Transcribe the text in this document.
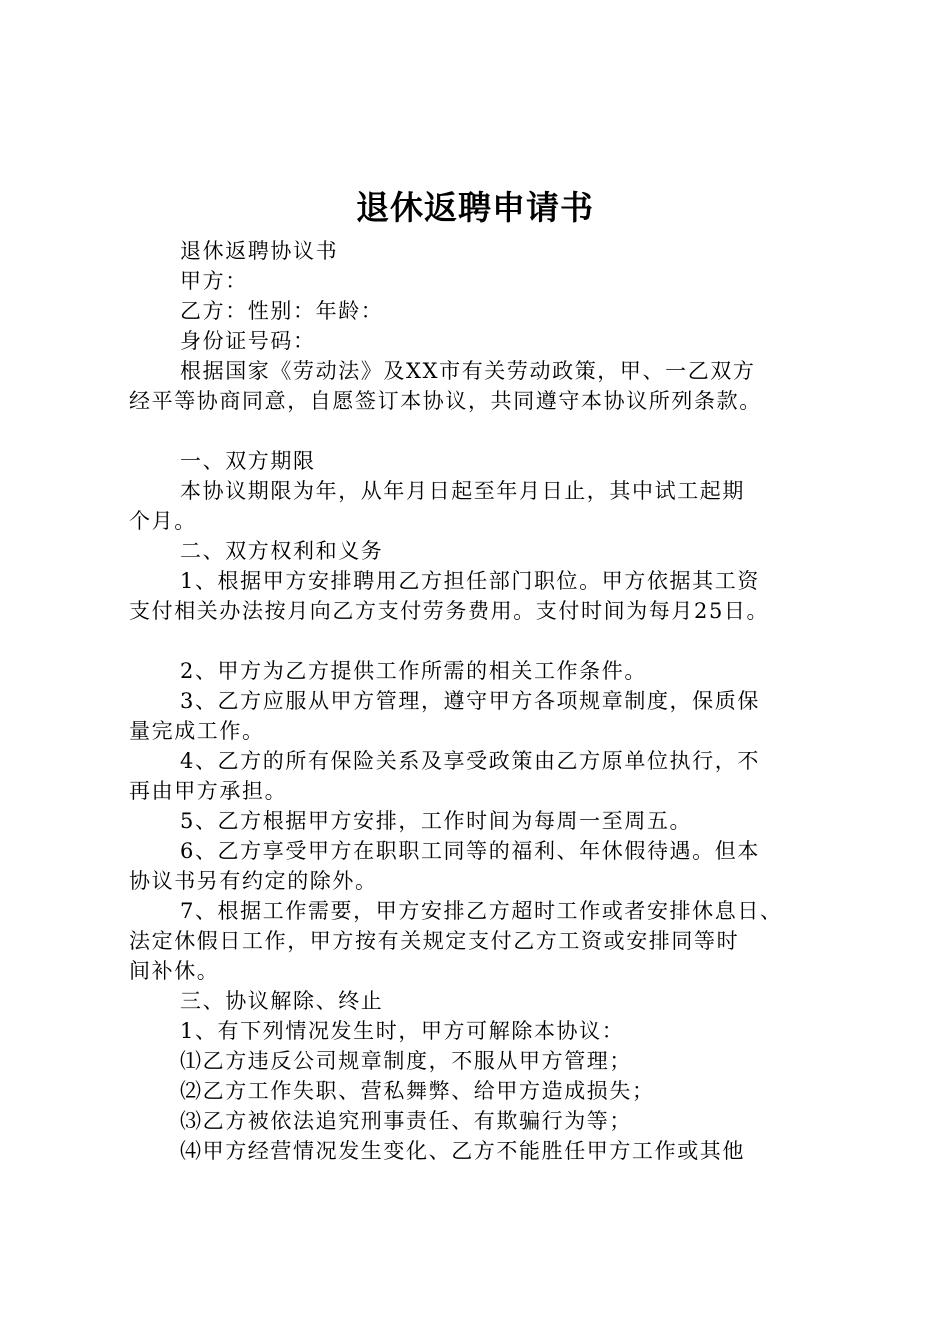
退休返聘申请书
退休返聘协议书
甲方：
乙方：性别：年龄：
身份证号码：
根据国家《劳动法》及XX市有关劳动政策，甲、一乙双方
经平等协商同意，自愿签订本协议，共同遵守本协议所列条款。
一、双方期限
本协议期限为年，从年月日起至年月日止，其中试工起期
个月。
二、双方权利和义务
1、根据甲方安排聘用乙方担任部门职位。甲方依据其工资
支付相关办法按月向乙方支付劳务费用。支付时间为每月25日。
2、甲方为乙方提供工作所需的相关工作条件。
3、乙方应服从甲方管理，遵守甲方各项规章制度，保质保
量完成工作。
4、乙方的所有保险关系及享受政策由乙方原单位执行，不
再由甲方承担。
5、乙方根据甲方安排，工作时间为每周一至周五。
6、乙方享受甲方在职职工同等的福利、年休假待遇。但本
协议书另有约定的除外。
7、根据工作需要，甲方安排乙方超时工作或者安排休息日、
法定休假日工作，甲方按有关规定支付乙方工资或安排同等时
间补休。
三、协议解除、终止
1、有下列情况发生时，甲方可解除本协议：
⑴乙方违反公司规章制度，不服从甲方管理；
⑵乙方工作失职、营私舞弊、给甲方造成损失；
⑶乙方被依法追究刑事责任、有欺骗行为等；
⑷甲方经营情况发生变化、乙方不能胜任甲方工作或其他
